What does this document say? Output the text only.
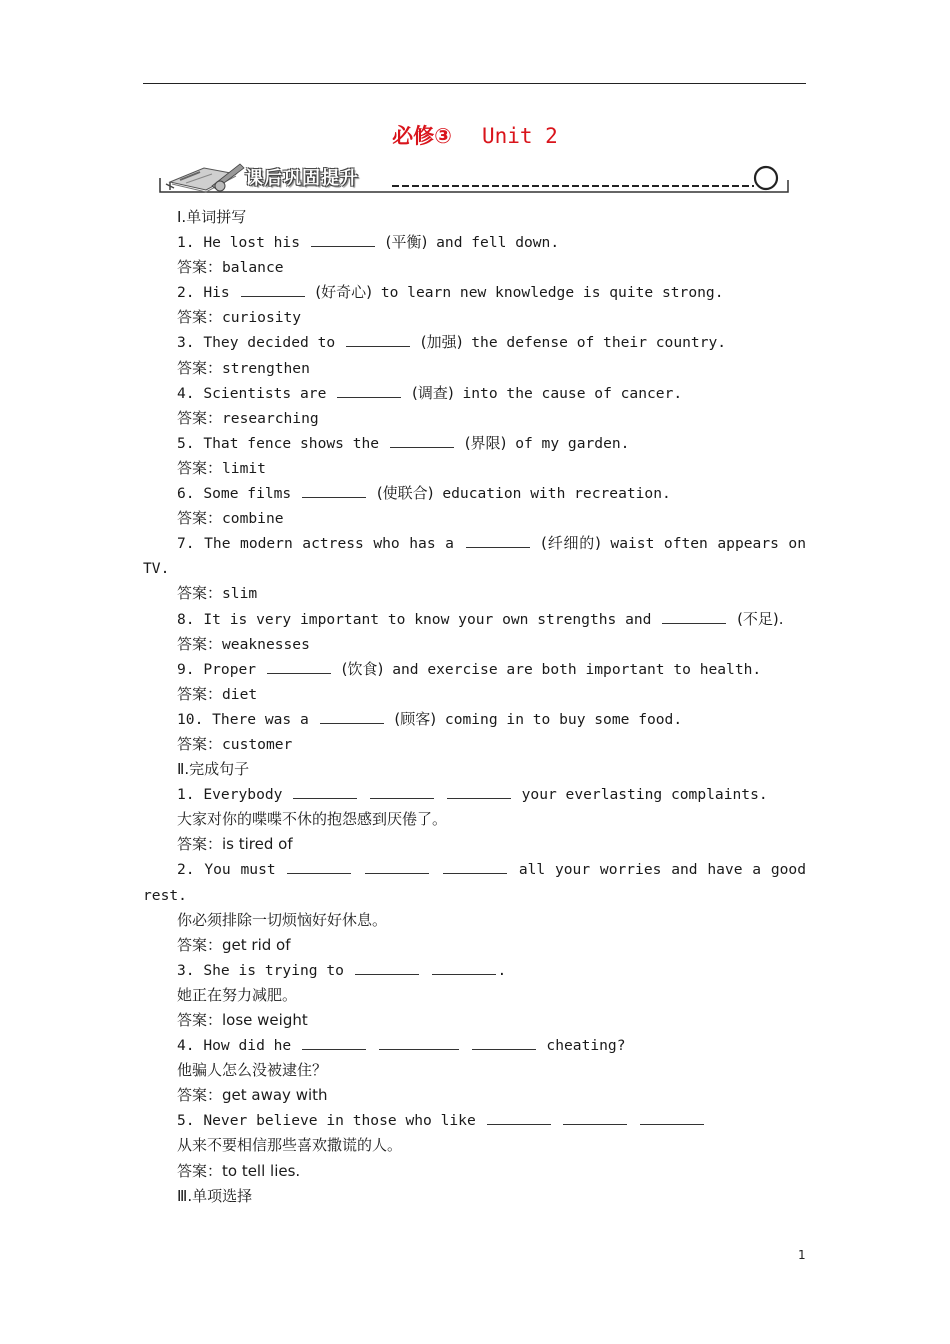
必修③ Unit 2
课后巩固提升
Ⅰ.单词拼写
1. He lost his	(平衡) and fell down.
答案：balance
2. His	(好奇心) to learn new knowledge is quite strong.
答案：curiosity
3. They decided to	(加强) the defense of their country.
答案：strengthen
4. Scientists are	(调查) into the cause of cancer.
答案：researching
5. That fence shows the	(界限) of my garden.
答案：limit
6. Some films	(使联合) education with recreation.
答案：combine
7. The modern actress who has a	(纤细的) waist often appears on TV.
答案：slim
8. It is very important to know your own strengths and	(不足).
答案：weaknesses
9. Proper	(饮食) and exercise are both important to health.
答案：diet
10. There was a	(顾客) coming in to buy some food.
答案：customer
Ⅱ.完成句子
1. Everybody	your everlasting complaints.
大家对你的喋喋不休的抱怨感到厌倦了。
答案：is tired of
2. You must	all your worries and have a good rest.
你必须排除一切烦恼好好休息。
答案：get rid of
3. She is trying to	.
她正在努力减肥。
答案：lose weight
4. How did he	cheating?
他骗人怎么没被逮住？
答案：get away with
5. Never believe in those who like
从来不要相信那些喜欢撒谎的人。
答案：to tell lies.
Ⅲ.单项选择
1
